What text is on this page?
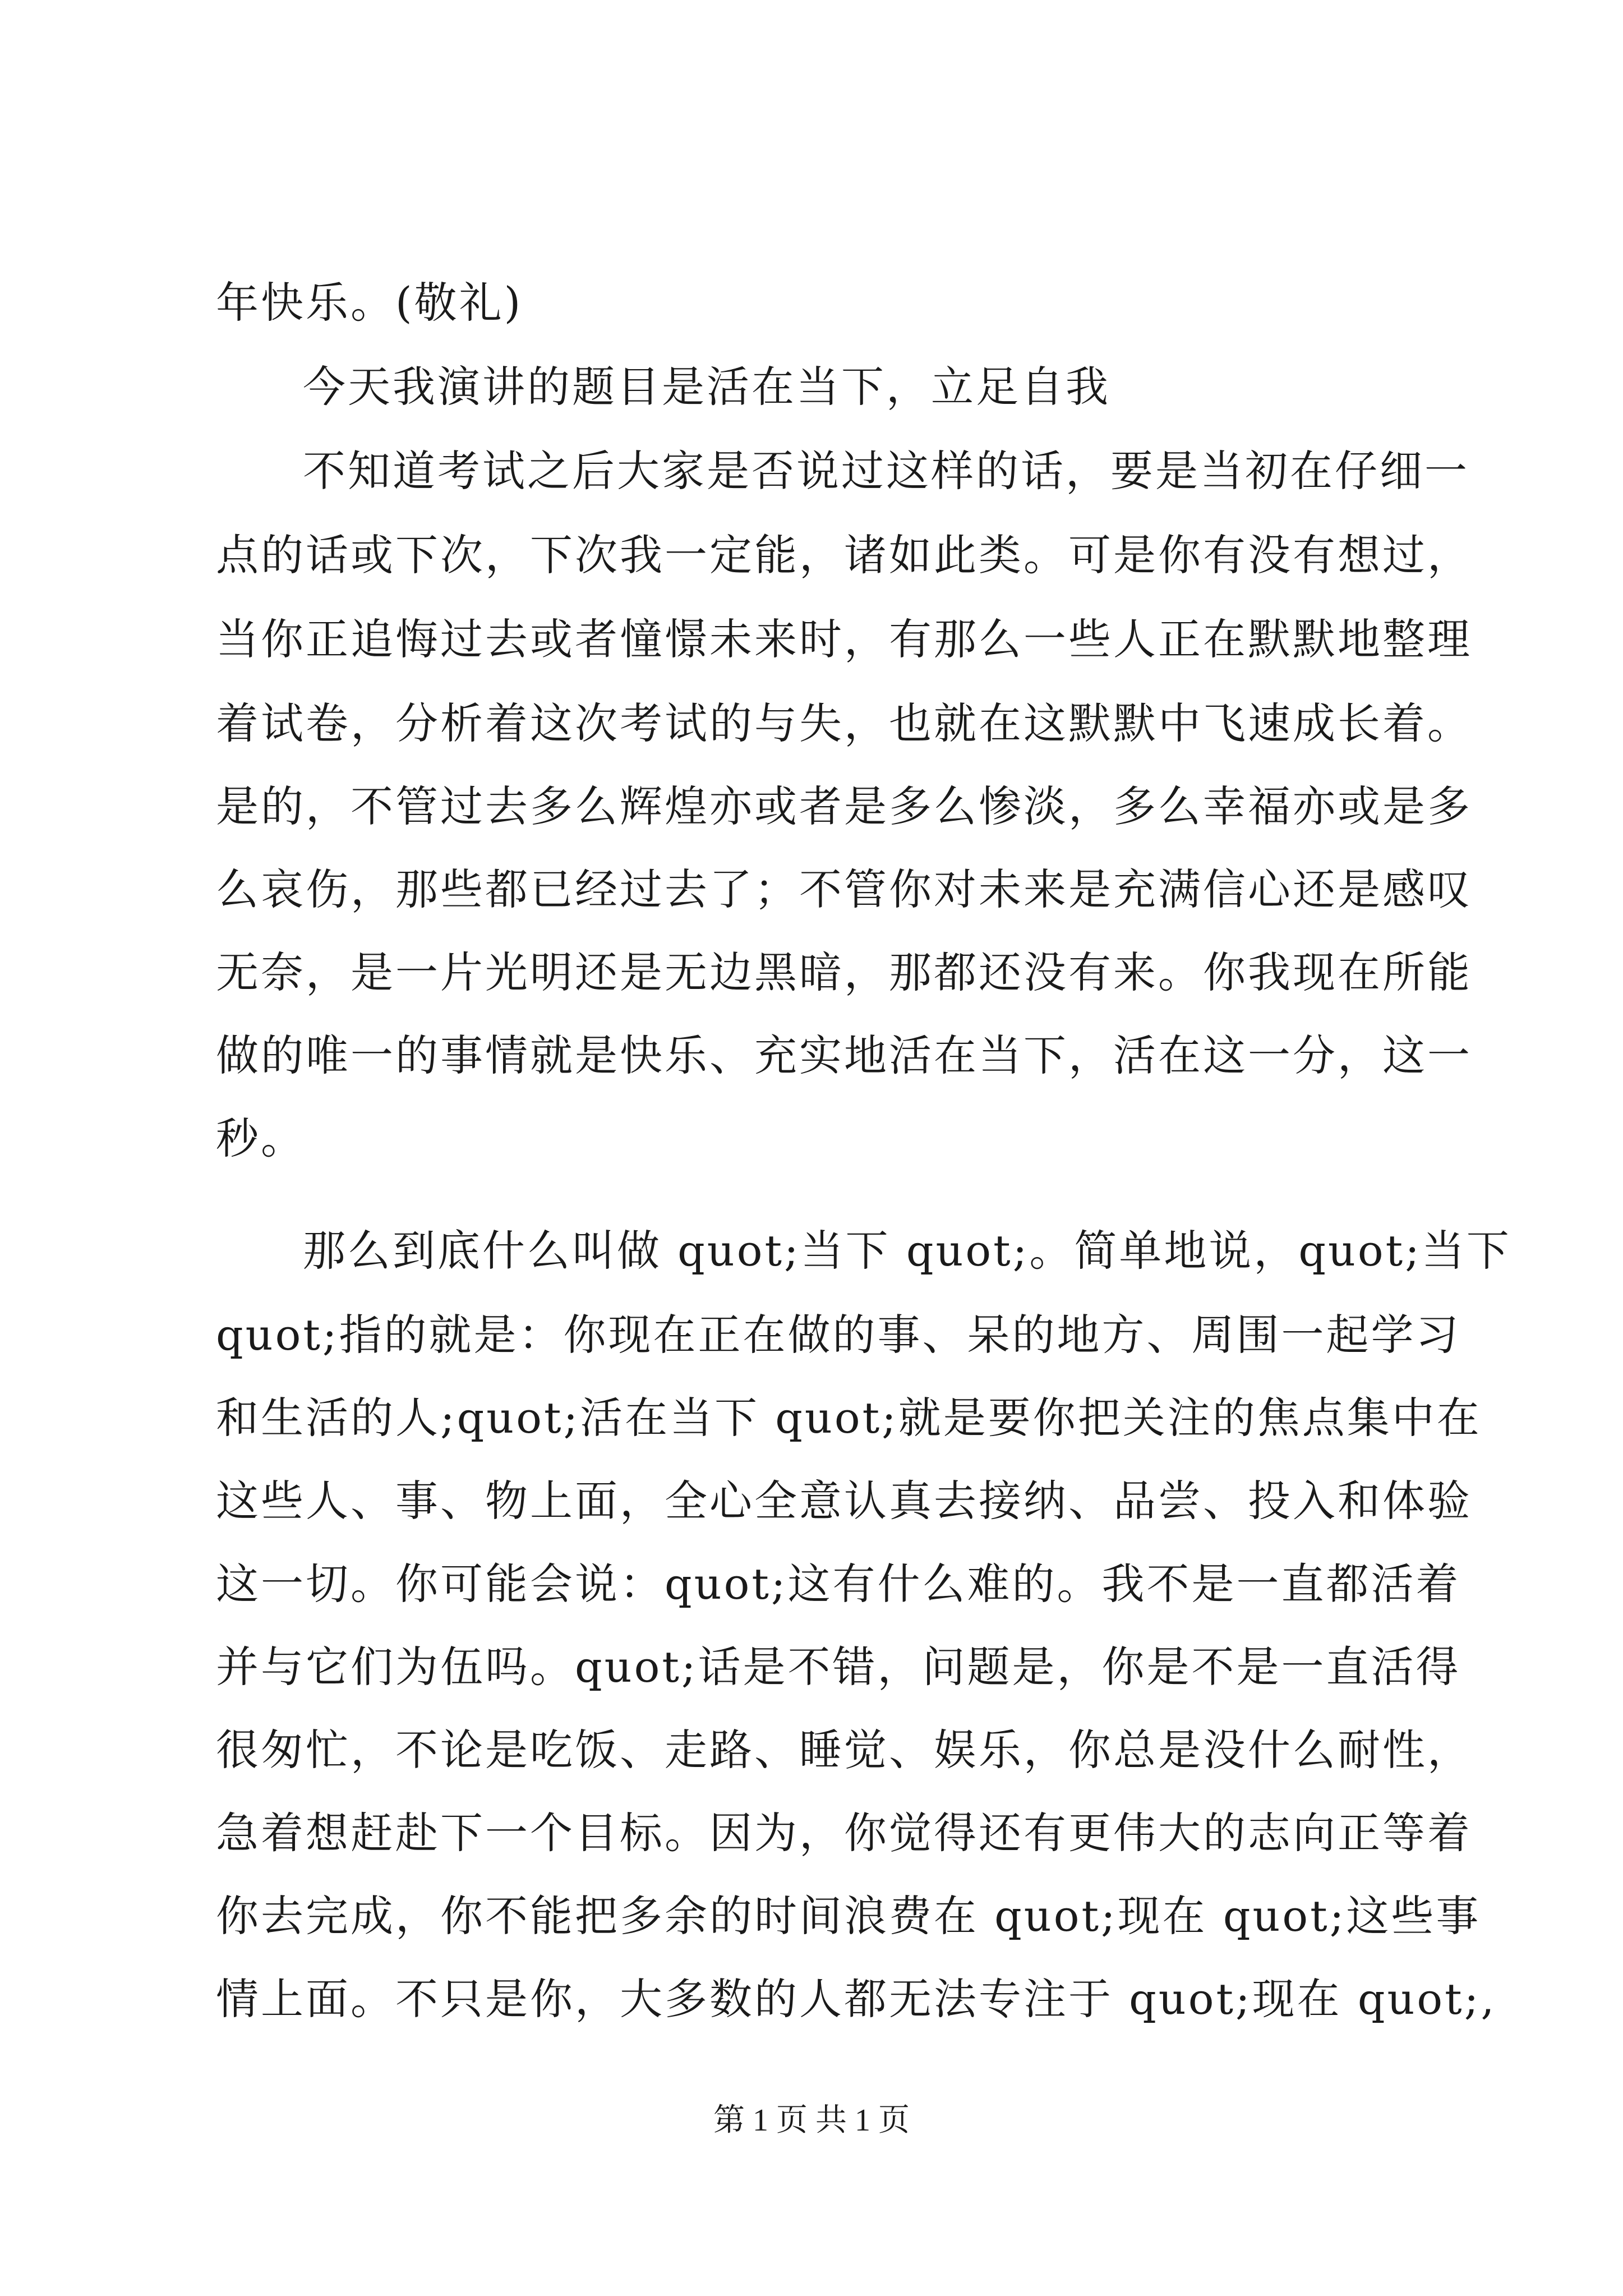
年快乐。(敬礼)
今天我演讲的题目是活在当下，立足自我
不知道考试之后大家是否说过这样的话，要是当初在仔细一
点的话或下次，下次我一定能，诸如此类。可是你有没有想过，
当你正追悔过去或者憧憬未来时，有那么一些人正在默默地整理
着试卷，分析着这次考试的与失，也就在这默默中飞速成长着。
是的，不管过去多么辉煌亦或者是多么惨淡，多么幸福亦或是多
么哀伤，那些都已经过去了；不管你对未来是充满信心还是感叹
无奈，是一片光明还是无边黑暗，那都还没有来。你我现在所能
做的唯一的事情就是快乐、充实地活在当下，活在这一分，这一
秒。
那么到底什么叫做 quot;当下 quot;。简单地说，quot;当下
quot;指的就是：你现在正在做的事、呆的地方、周围一起学习
和生活的人;quot;活在当下 quot;就是要你把关注的焦点集中在
这些人、事、物上面，全心全意认真去接纳、品尝、投入和体验
这一切。你可能会说：quot;这有什么难的。我不是一直都活着
并与它们为伍吗。quot;话是不错，问题是，你是不是一直活得
很匆忙，不论是吃饭、走路、睡觉、娱乐，你总是没什么耐性，
急着想赶赴下一个目标。因为，你觉得还有更伟大的志向正等着
你去完成，你不能把多余的时间浪费在 quot;现在 quot;这些事
情上面。不只是你，大多数的人都无法专注于 quot;现在 quot;,
第 1 页 共 1 页
